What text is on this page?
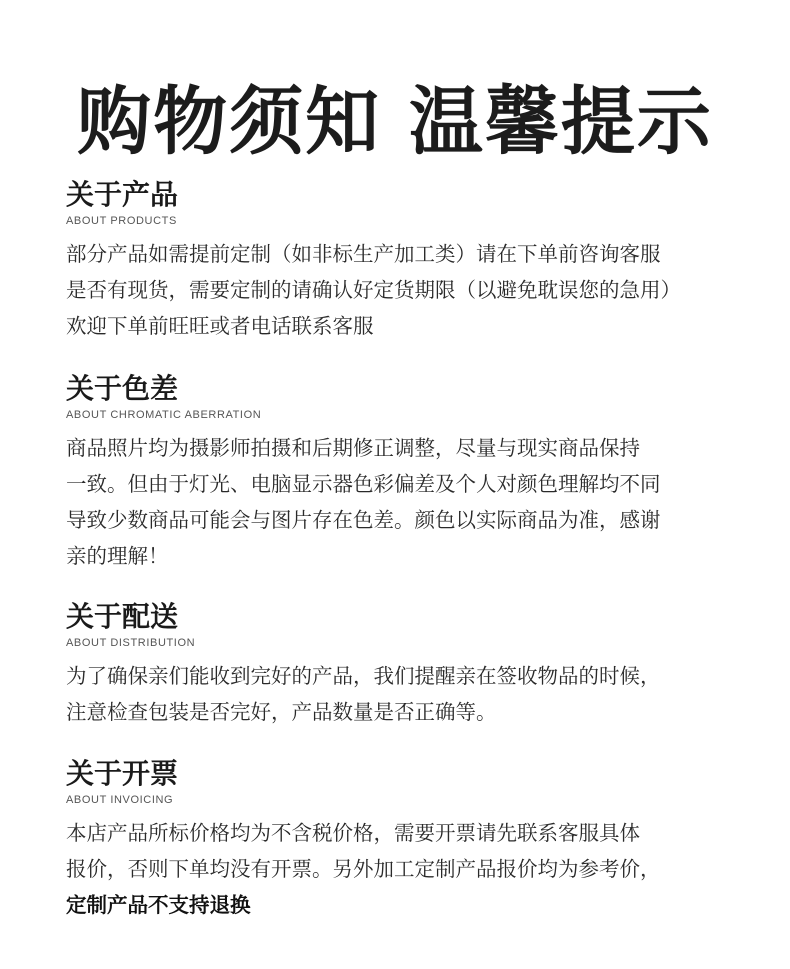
购物须知 温馨提示
关于产品
ABOUT PRODUCTS

部分产品如需提前定制（如非标生产加工类）请在下单前咨询客服
是否有现货，需要定制的请确认好定货期限（以避免耽误您的急用）
欢迎下单前旺旺或者电话联系客服

关于色差
ABOUT CHROMATIC ABERRATION

商品照片均为摄影师拍摄和后期修正调整，尽量与现实商品保持
一致。但由于灯光、电脑显示器色彩偏差及个人对颜色理解均不同
导致少数商品可能会与图片存在色差。颜色以实际商品为准，感谢
亲的理解！

关于配送
ABOUT DISTRIBUTION

为了确保亲们能收到完好的产品，我们提醒亲在签收物品的时候，
注意检查包装是否完好，产品数量是否正确等。

关于开票
ABOUT INVOICING

本店产品所标价格均为不含税价格，需要开票请先联系客服具体
报价，否则下单均没有开票。另外加工定制产品报价均为参考价，
定制产品不支持退换
